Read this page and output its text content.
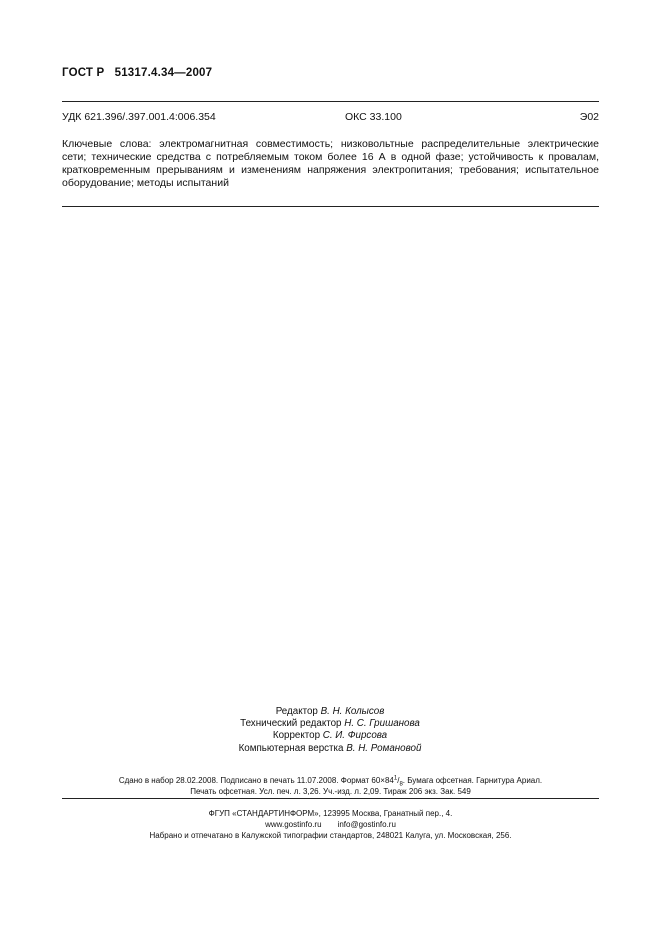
ГОСТ Р   51317.4.34—2007
УДК 621.396/.397.001.4:006.354	ОКС 33.100	Э02
Ключевые слова: электромагнитная совместимость; низковольтные распределительные электрические
сети; технические средства с потребляемым током более 16 А в одной фазе; устойчивость к провалам,
кратковременным прерываниям и изменениям напряжения электропитания; требования; испытательное
оборудование; методы испытаний
Редактор В. Н. Колысов
Технический редактор Н. С. Гришанова
Корректор С. И. Фирсова
Компьютерная верстка В. Н. Романовой
Сдано в набор 28.02.2008. Подписано в печать 11.07.2008. Формат $60\times 84^1/_8$. Бумага офсетная. Гарнитура Ариал.
Печать офсетная. Усл. печ. л. 3,26. Уч.-изд. л. 2,09. Тираж 206 экз. Зак. 549
ФГУП «СТАНДАРТИНФОРМ», 123995 Москва, Гранатный пер., 4.
www.gostinfo.ru info@gostinfo.ru
Набрано и отпечатано в Калужской типографии стандартов, 248021 Калуга, ул. Московская, 256.
